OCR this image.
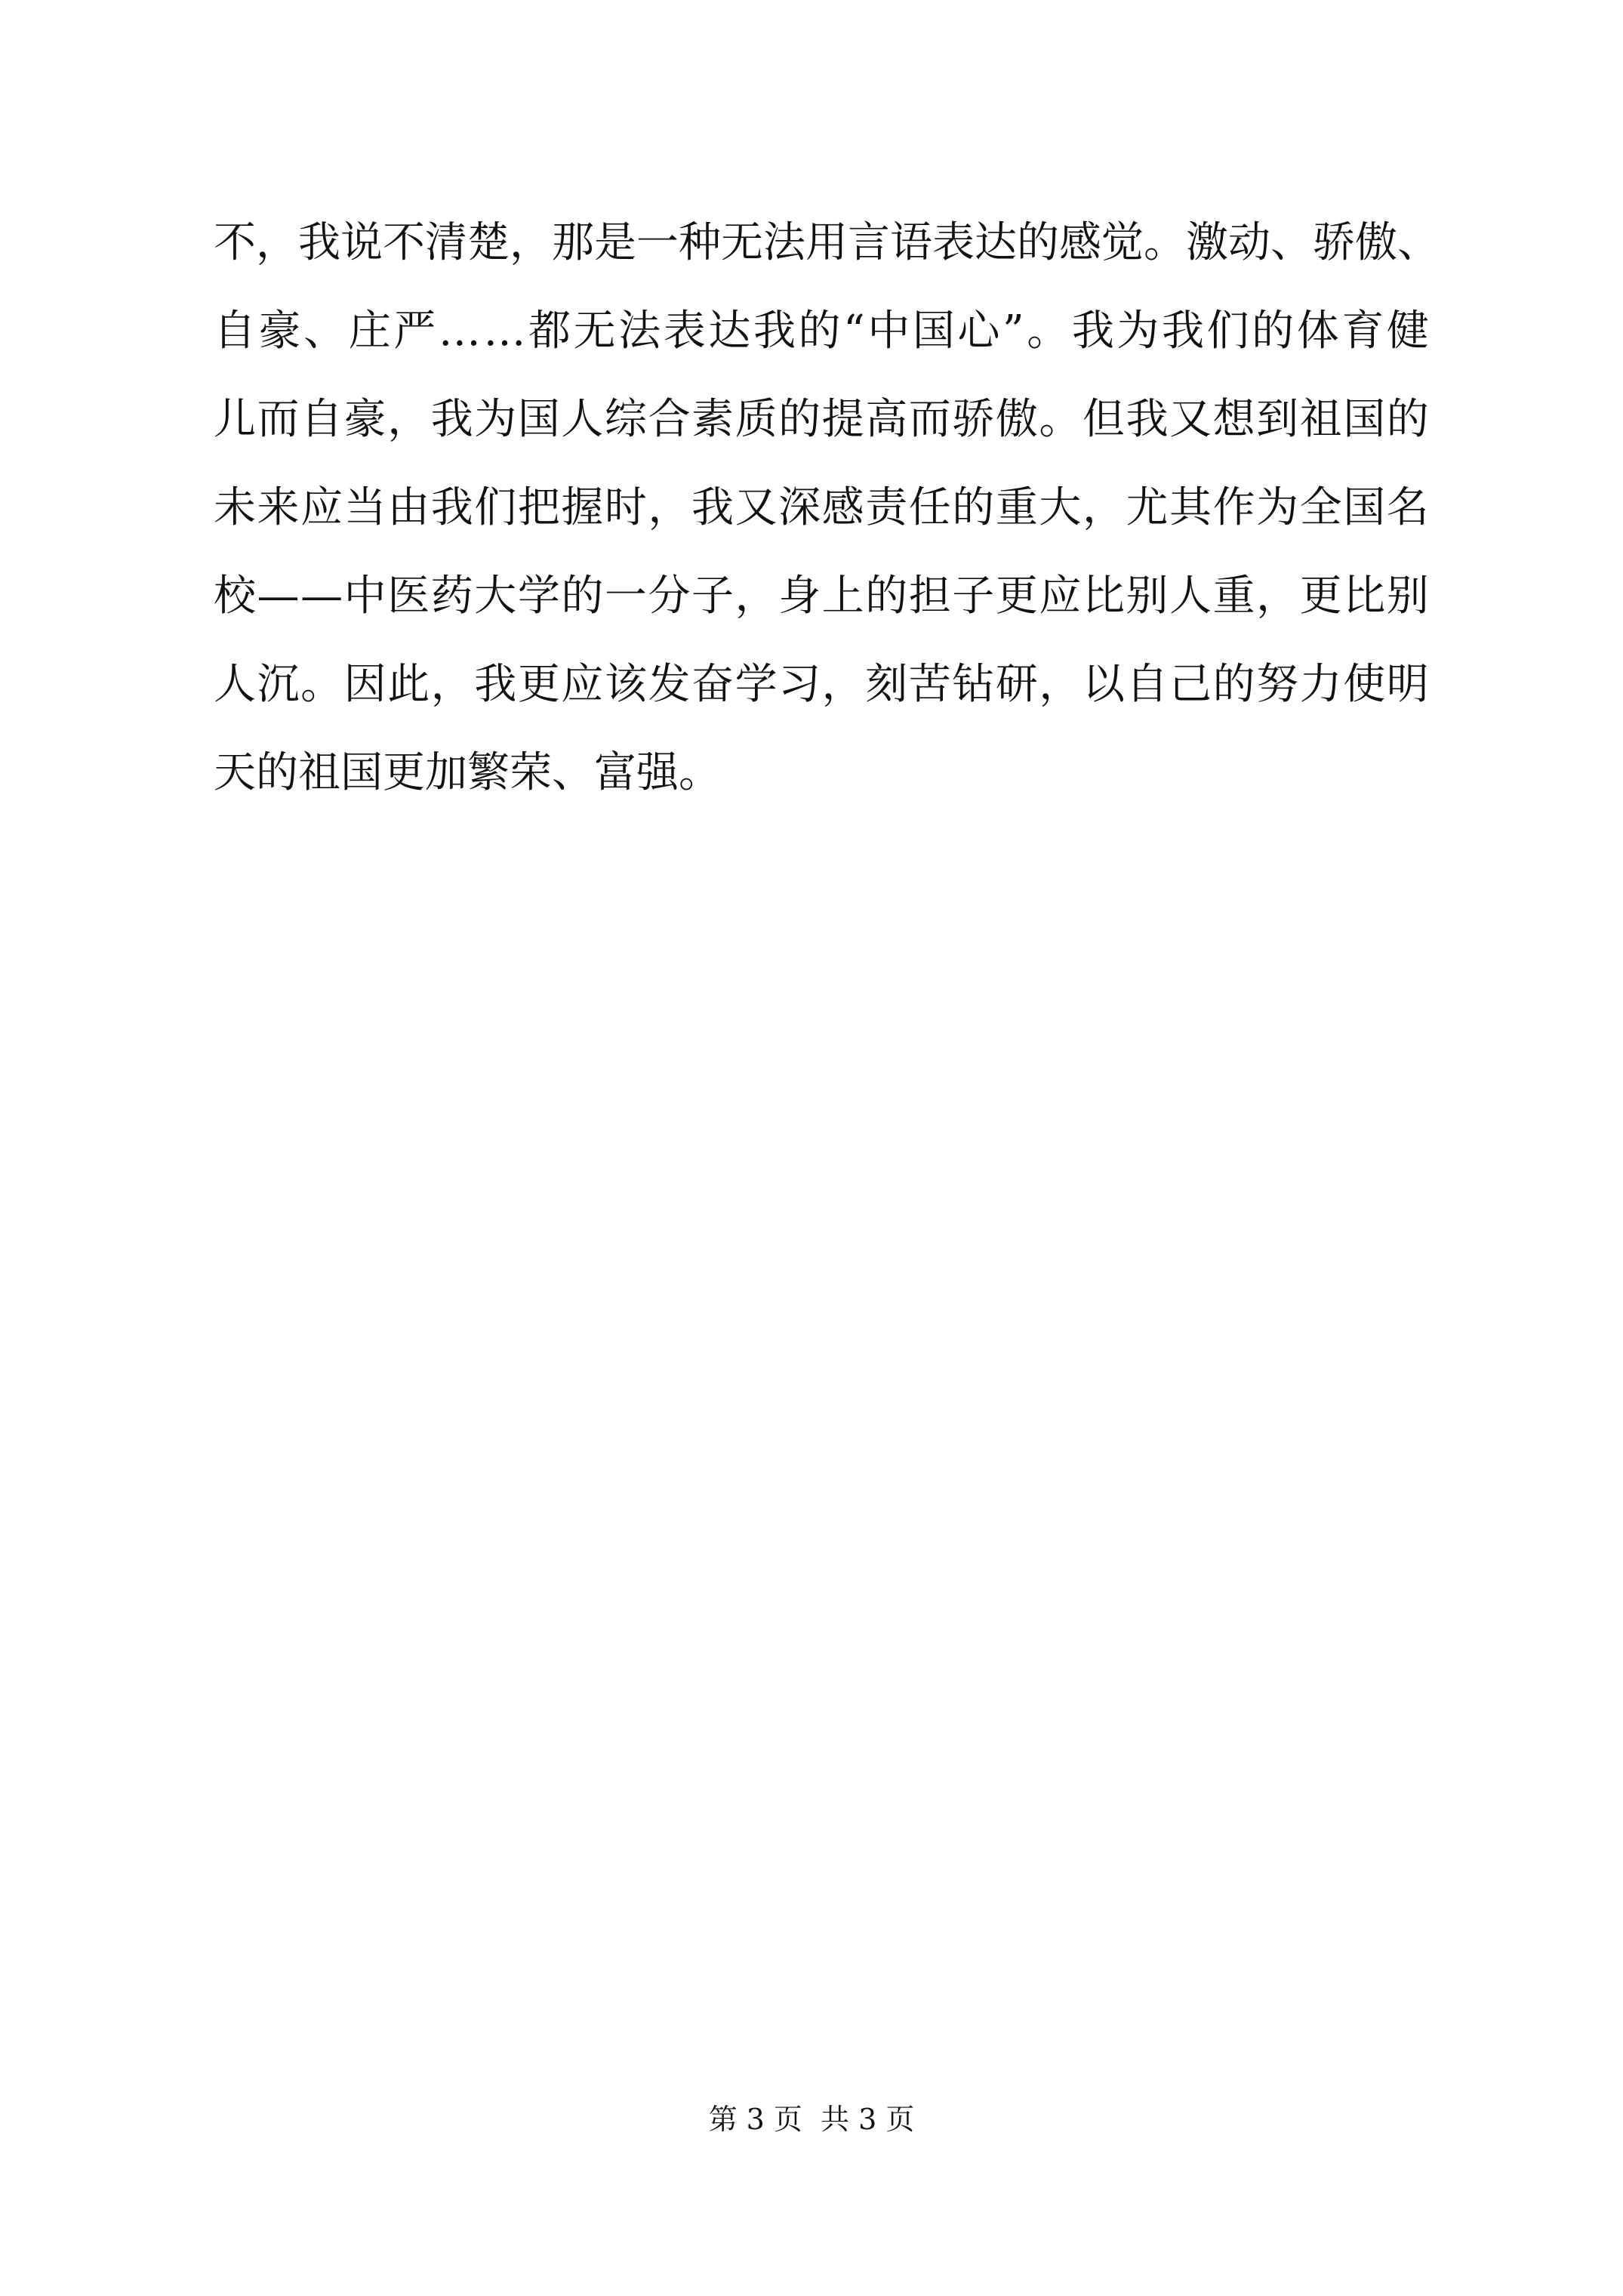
不 ， 我 说 不 清 楚 ， 那 是 一 种 无 法 用 言 语 表 达 的 感 觉 。 激 动 、 骄 傲 、
自 豪 、 庄 严 … … 都 无 法 表 达 我 的 “ 中 国 心 ” 。 我 为 我 们 的 体 育 健
儿 而 自 豪 ， 我 为 国 人 综 合 素 质 的 提 高 而 骄 傲 。 但 我 又 想 到 祖 国 的
未 来 应 当 由 我 们 把 握 时 ， 我 又 深 感 责 任 的 重 大 ， 尤 其 作 为 全 国 名
校 — — 中 医 药 大 学 的 一 分 子 ， 身 上 的 担 子 更 应 比 别 人 重 ， 更 比 别
人 沉 。 因 此 ， 我 更 应 该 发 奋 学 习 ， 刻 苦 钻 研 ， 以 自 己 的 努 力 使 明
天的祖国更加繁荣、富强。
第 3 页  共 3 页
